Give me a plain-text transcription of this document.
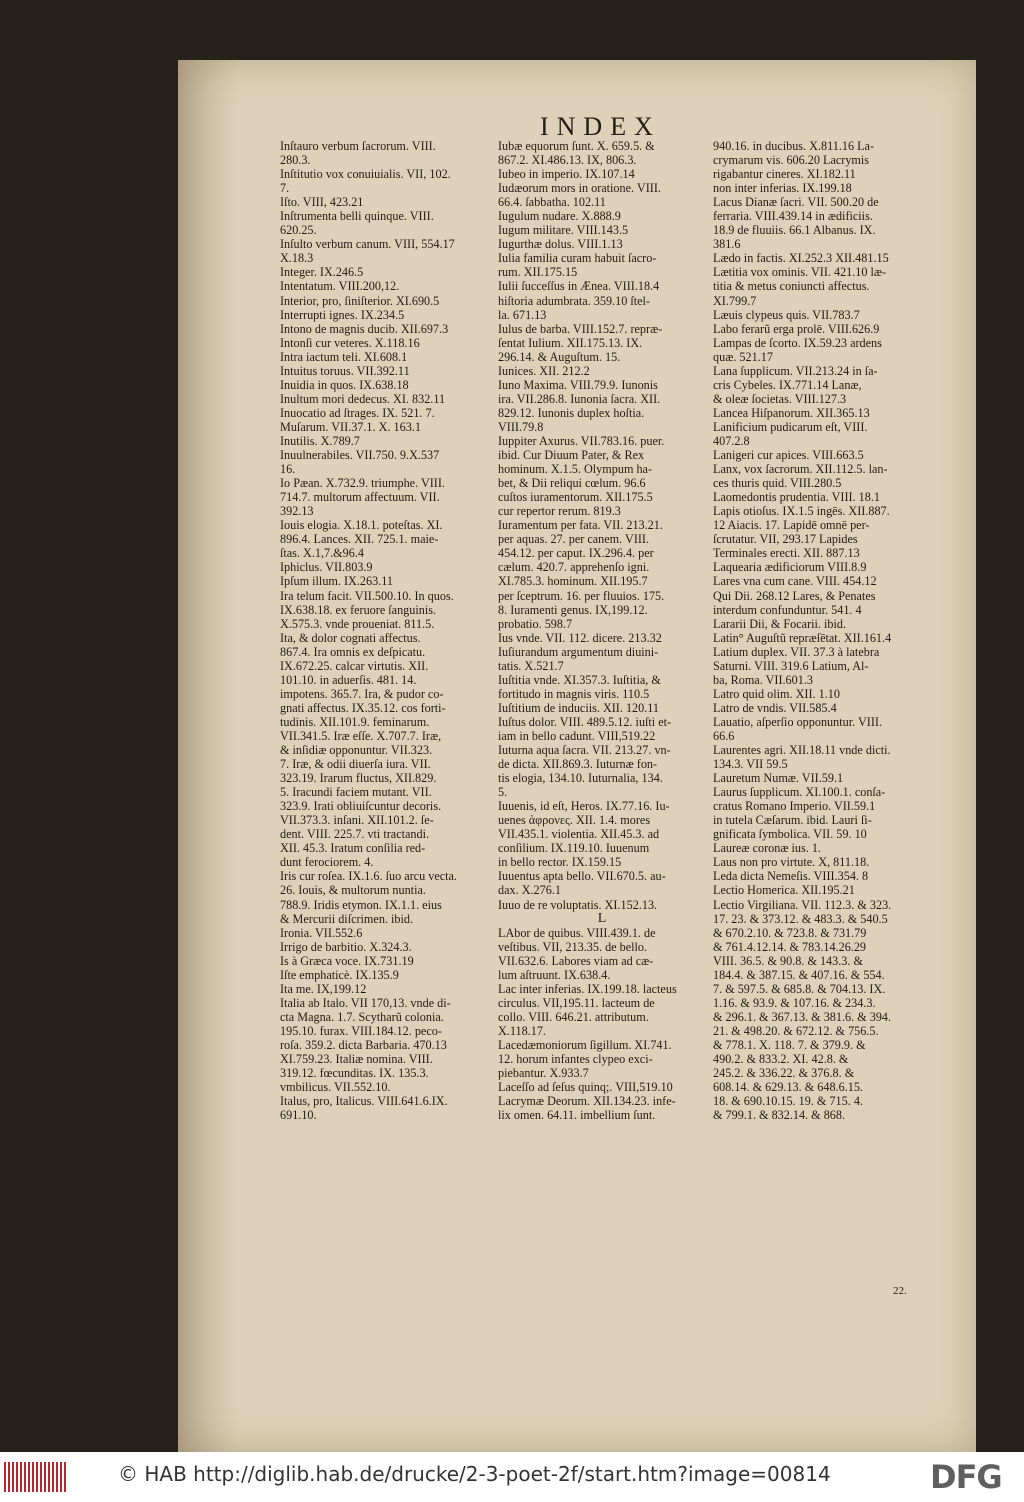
INDEX
Inſtauro verbum ſacrorum. VIII.
280.3.
Inſtitutio vox conuiuialis. VII, 102.
7.
Iſto. VIII, 423.21
Inſtrumenta belli quinque. VIII.
620.25.
Inſulto verbum canum. VIII, 554.17
X.18.3
Integer. IX.246.5
Intentatum. VIII.200,12.
Interior, pro, ſiniſterior. XI.690.5
Interrupti ignes. IX.234.5
Intono de magnis ducib. XII.697.3
Intonſi cur veteres. X.118.16
Intra iactum teli. XI.608.1
Intuitus toruus. VII.392.11
Inuidia in quos. IX.638.18
Inultum mori dedecus. XI. 832.11
Inuocatio ad ſtrages. IX. 521. 7.
Muſarum. VII.37.1. X. 163.1
Inutilis. X.789.7
Inuulnerabiles. VII.750. 9.X.537
16.
Io Pæan. X.732.9. triumphe. VIII.
714.7. multorum affectuum. VII.
392.13
Iouis elogia. X.18.1. poteſtas. XI.
896.4. Lances. XII. 725.1. maie-
ſtas. X.1,7.&96.4
Iphiclus. VII.803.9
Ipſum illum. IX.263.11
Ira telum facit. VII.500.10. In quos.
IX.638.18. ex feruore ſanguinis.
X.575.3. vnde proueniat. 811.5.
Ita, & dolor cognati affectus.
867.4. Ira omnis ex deſpicatu.
IX.672.25. calcar virtutis. XII.
101.10. in aduerſis. 481. 14.
impotens. 365.7. Ira, & pudor co-
gnati affectus. IX.35.12. cos forti-
tudinis. XII.101.9. feminarum.
VII.341.5. Iræ eſſe. X.707.7. Iræ,
& inſidiæ opponuntur. VII.323.
7. Iræ, & odii diuerſa iura. VII.
323.19. Irarum fluctus, XII.829.
5. Iracundi faciem mutant. VII.
323.9. Irati obliuiſcuntur decoris.
VII.373.3. inſani. XII.101.2. ſe-
dent. VIII. 225.7. vti tractandi.
XII. 45.3. Iratum conſilia red-
dunt ferociorem. 4.
Iris cur roſea. IX.1.6. ſuo arcu vecta.
26. Iouis, & multorum nuntia.
788.9. Iridis etymon. IX.1.1. eius
& Mercurii diſcrimen. ibid.
Ironia. VII.552.6
Irrigo de barbitio. X.324.3.
Is à Græca voce. IX.731.19
Iſte emphaticè. IX.135.9
Ita me. IX,199.12
Italia ab Italo. VII 170,13. vnde di-
cta Magna. 1.7. Scytharũ colonia.
195.10. furax. VIII.184.12. peco-
roſa. 359.2. dicta Barbaria. 470.13
XI.759.23. Italiæ nomina. VIII.
319.12. fœcunditas. IX. 135.3.
vmbilicus. VII.552.10.
Italus, pro, Italicus. VIII.641.6.IX.
691.10.
Iubæ equorum ſunt. X. 659.5. &
867.2. XI.486.13. IX, 806.3.
Iubeo in imperio. IX.107.14
Iudæorum mors in oratione. VIII.
66.4. ſabbatha. 102.11
Iugulum nudare. X.888.9
Iugum militare. VIII.143.5
Iugurthæ dolus. VIII.1.13
Iulia familia curam habuit ſacro-
rum. XII.175.15
Iulii ſucceſſus in Ænea. VIII.18.4
hiſtoria adumbrata. 359.10 ſtel-
la. 671.13
Iulus de barba. VIII.152.7. repræ-
ſentat Iulium. XII.175.13. IX.
296.14. & Auguſtum. 15.
Iunices. XII. 212.2
Iuno Maxima. VIII.79.9. Iunonis
ira. VII.286.8. Iunonia ſacra. XII.
829.12. Iunonis duplex hoſtia.
VIII.79.8
Iuppiter Axurus. VII.783.16. puer.
ibid. Cur Diuum Pater, & Rex
hominum. X.1.5. Olympum ha-
bet, & Dii reliqui cœlum. 96.6
cuſtos iuramentorum. XII.175.5
cur repertor rerum. 819.3
Iuramentum per fata. VII. 213.21.
per aquas. 27. per canem. VIII.
454.12. per caput. IX.296.4. per
cælum. 420.7. apprehenſo igni.
XI.785.3. hominum. XII.195.7
per ſceptrum. 16. per fluuios. 175.
8. Iuramenti genus. IX,199.12.
probatio. 598.7
Ius vnde. VII. 112. dicere. 213.32
Iuſiurandum argumentum diuini-
tatis. X.521.7
Iuſtitia vnde. XI.357.3. Iuſtitia, &
fortitudo in magnis viris. 110.5
Iuſtitium de induciis. XII. 120.11
Iuſtus dolor. VIII. 489.5.12. iuſti et-
iam in bello cadunt. VIII,519.22
Iuturna aqua ſacra. VII. 213.27. vn-
de dicta. XII.869.3. Iuturnæ fon-
tis elogia, 134.10. Iuturnalia, 134.
5.
Iuuenis, id eſt, Heros. IX.77.16. Iu-
uenes ἀφρονες. XII. 1.4. mores
VII.435.1. violentia. XII.45.3. ad
conſilium. IX.119.10. Iuuenum
in bello rector. IX.159.15
Iuuentus apta bello. VII.670.5. au-
dax. X.276.1
Iuuo de re voluptatis. XI.152.13.
L
LAbor de quibus. VIII.439.1. de
veſtibus. VII, 213.35. de bello.
VII.632.6. Labores viam ad cæ-
lum aſtruunt. IX.638.4.
Lac inter inferias. IX.199.18. lacteus
circulus. VII,195.11. lacteum de
collo. VIII. 646.21. attributum.
X.118.17.
Lacedæmoniorum ſigillum. XI.741.
12. horum infantes clypeo exci-
piebantur. X.933.7
Laceſſo ad ſeſus quinq;. VIII,519.10
Lacrymæ Deorum. XII.134.23. infe-
lix omen. 64.11. imbellium ſunt.
940.16. in ducibus. X.811.16 La-
crymarum vis. 606.20 Lacrymis
rigabantur cineres. XI.182.11
non inter inferias. IX.199.18
Lacus Dianæ ſacri. VII. 500.20 de
ferraria. VIII.439.14 in ædificiis.
18.9 de fluuiis. 66.1 Albanus. IX.
381.6
Lædo in factis. XI.252.3 XII.481.15
Lætitia vox ominis. VII. 421.10 læ-
titia & metus coniuncti affectus.
XI.799.7
Læuis clypeus quis. VII.783.7
Labo ferarũ erga prolē. VIII.626.9
Lampas de ſcorto. IX.59.23 ardens
quæ. 521.17
Lana ſupplicum. VII.213.24 in ſa-
cris Cybeles. IX.771.14 Lanæ,
& oleæ ſocietas. VIII.127.3
Lancea Hiſpanorum. XII.365.13
Lanificium pudicarum eſt, VIII.
407.2.8
Lanigeri cur apices. VIII.663.5
Lanx, vox ſacrorum. XII.112.5. lan-
ces thuris quid. VIII.280.5
Laomedontis prudentia. VIII. 18.1
Lapis otioſus. IX.1.5 ingēs. XII.887.
12 Aiacis. 17. Lapidē omnē per-
ſcrutatur. VII, 293.17 Lapides
Terminales erecti. XII. 887.13
Laquearia ædificiorum VIII.8.9
Lares vna cum cane. VIII. 454.12
Qui Dii. 268.12 Lares, & Penates
interdum confunduntur. 541. 4
Lararii Dii, & Focarii. ibid.
Latin° Auguſtũ repræſētat. XII.161.4
Latium duplex. VII. 37.3 à latebra
Saturni. VIII. 319.6 Latium, Al-
ba, Roma. VII.601.3
Latro quid olim. XII. 1.10
Latro de vndis. VII.585.4
Lauatio, aſperſio opponuntur. VIII.
66.6
Laurentes agri. XII.18.11 vnde dicti.
134.3. VII 59.5
Lauretum Numæ. VII.59.1
Laurus ſupplicum. XI.100.1. conſa-
cratus Romano Imperio. VII.59.1
in tutela Cæſarum. ibid. Lauri ſi-
gnificata ſymbolica. VII. 59. 10
Laureæ coronæ ius. 1.
Laus non pro virtute. X, 811.18.
Leda dicta Nemeſis. VIII.354. 8
Lectio Homerica. XII.195.21
Lectio Virgiliana. VII. 112.3. & 323.
17. 23. & 373.12. & 483.3. & 540.5
& 670.2.10. & 723.8. & 731.79
& 761.4.12.14. & 783.14.26.29
VIII. 36.5. & 90.8. & 143.3. &
184.4. & 387.15. & 407.16. & 554.
7. & 597.5. & 685.8. & 704.13. IX.
1.16. & 93.9. & 107.16. & 234.3.
& 296.1. & 367.13. & 381.6. & 394.
21. & 498.20. & 672.12. & 756.5.
& 778.1. X. 118. 7. & 379.9. &
490.2. & 833.2. XI. 42.8. &
245.2. & 336.22. & 376.8. &
608.14. & 629.13. & 648.6.15.
18. & 690.10.15. 19. & 715. 4.
& 799.1. & 832.14. & 868.
22.
© HAB http://diglib.hab.de/drucke/2-3-poet-2f/start.htm?image=00814	DFG
